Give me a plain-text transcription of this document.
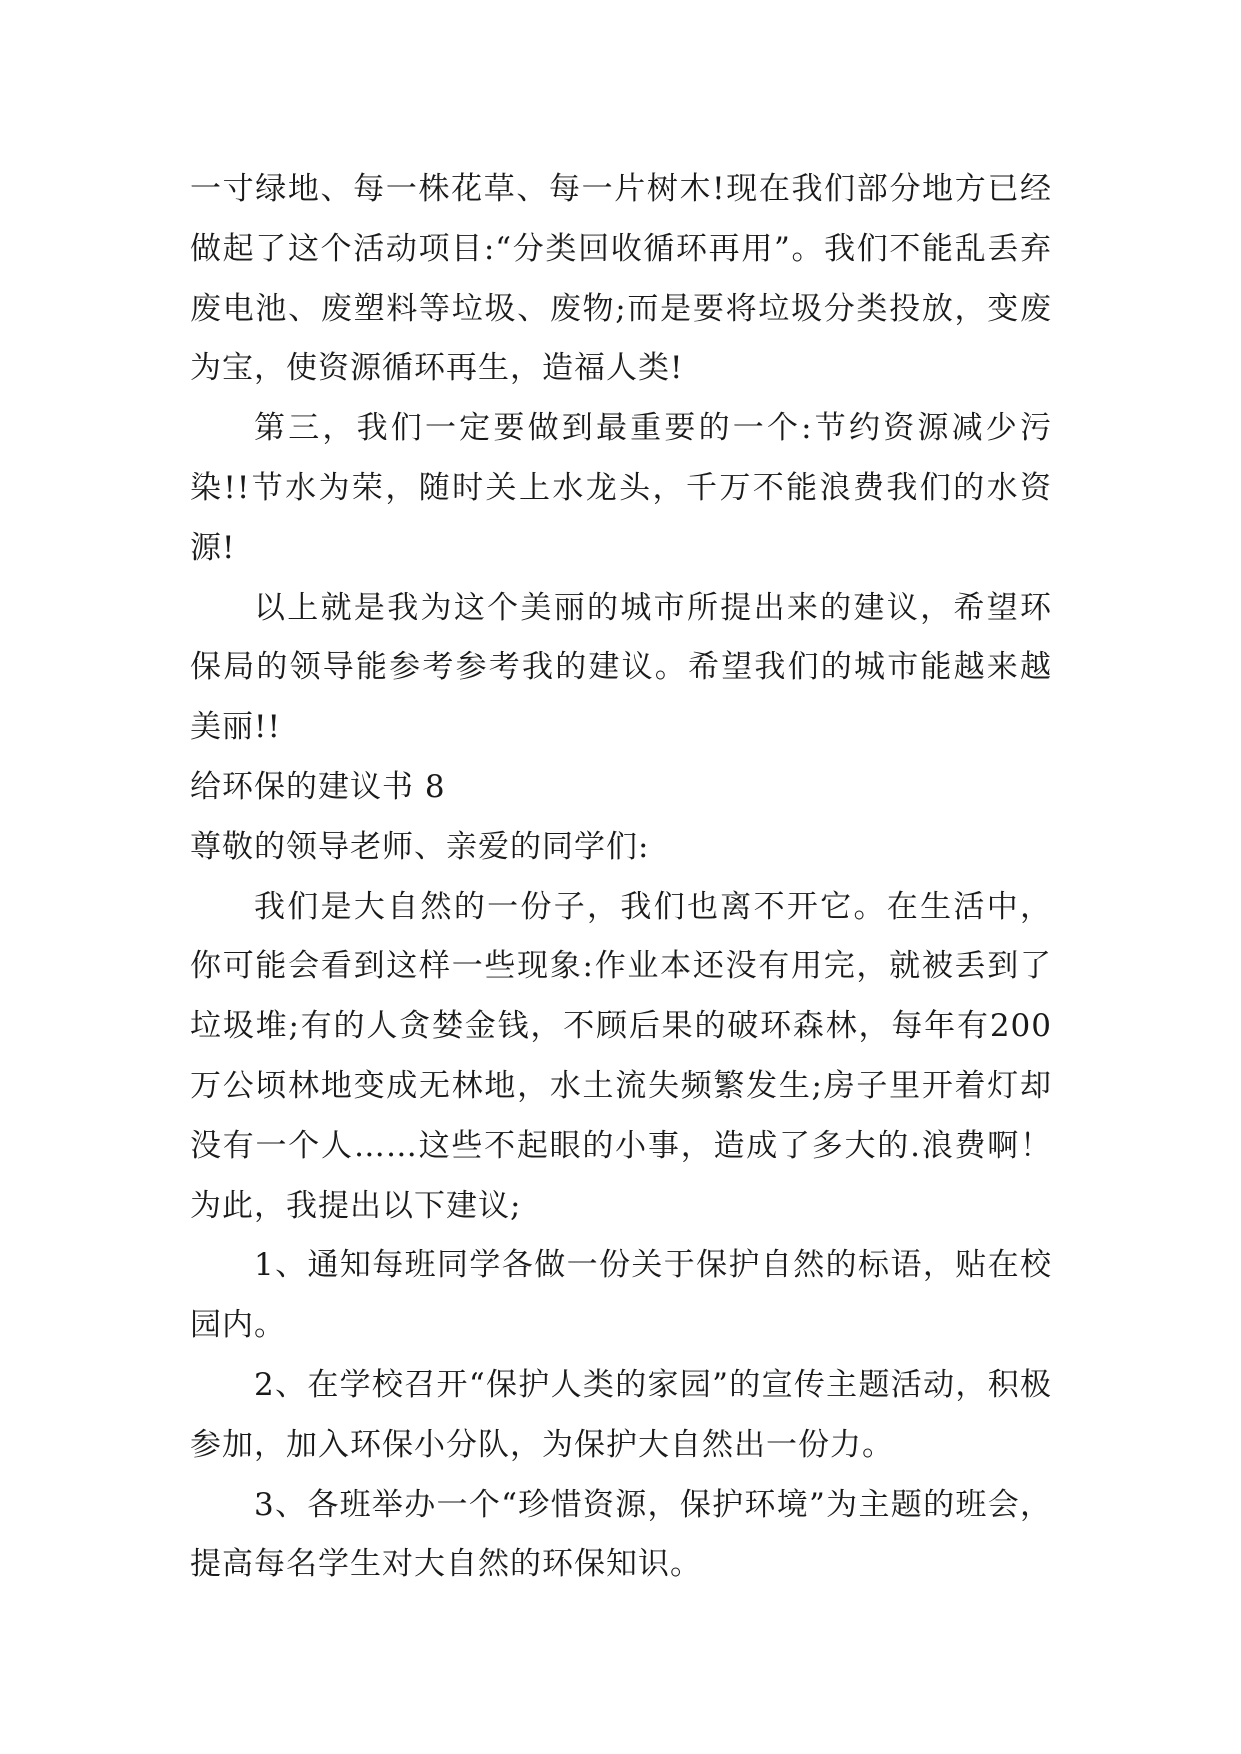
一寸绿地、每一株花草、每一片树木!现在我们部分地方已经做起了这个活动项目:“分类回收循环再用”。我们不能乱丢弃废电池、废塑料等垃圾、废物;而是要将垃圾分类投放，变废为宝，使资源循环再生，造福人类!

第三，我们一定要做到最重要的一个:节约资源减少污染!!节水为荣，随时关上水龙头，千万不能浪费我们的水资源!

以上就是我为这个美丽的城市所提出来的建议，希望环保局的领导能参考参考我的建议。希望我们的城市能越来越美丽!!

给环保的建议书 8

尊敬的领导老师、亲爱的同学们:

我们是大自然的一份子，我们也离不开它。在生活中，你可能会看到这样一些现象:作业本还没有用完，就被丢到了垃圾堆;有的人贪婪金钱，不顾后果的破环森林，每年有200万公顷林地变成无林地，水土流失频繁发生;房子里开着灯却没有一个人……这些不起眼的小事，造成了多大的.浪费啊！为此，我提出以下建议;

1、通知每班同学各做一份关于保护自然的标语，贴在校园内。

2、在学校召开“保护人类的家园”的宣传主题活动，积极参加，加入环保小分队，为保护大自然出一份力。

3、各班举办一个“珍惜资源，保护环境”为主题的班会，提高每名学生对大自然的环保知识。
